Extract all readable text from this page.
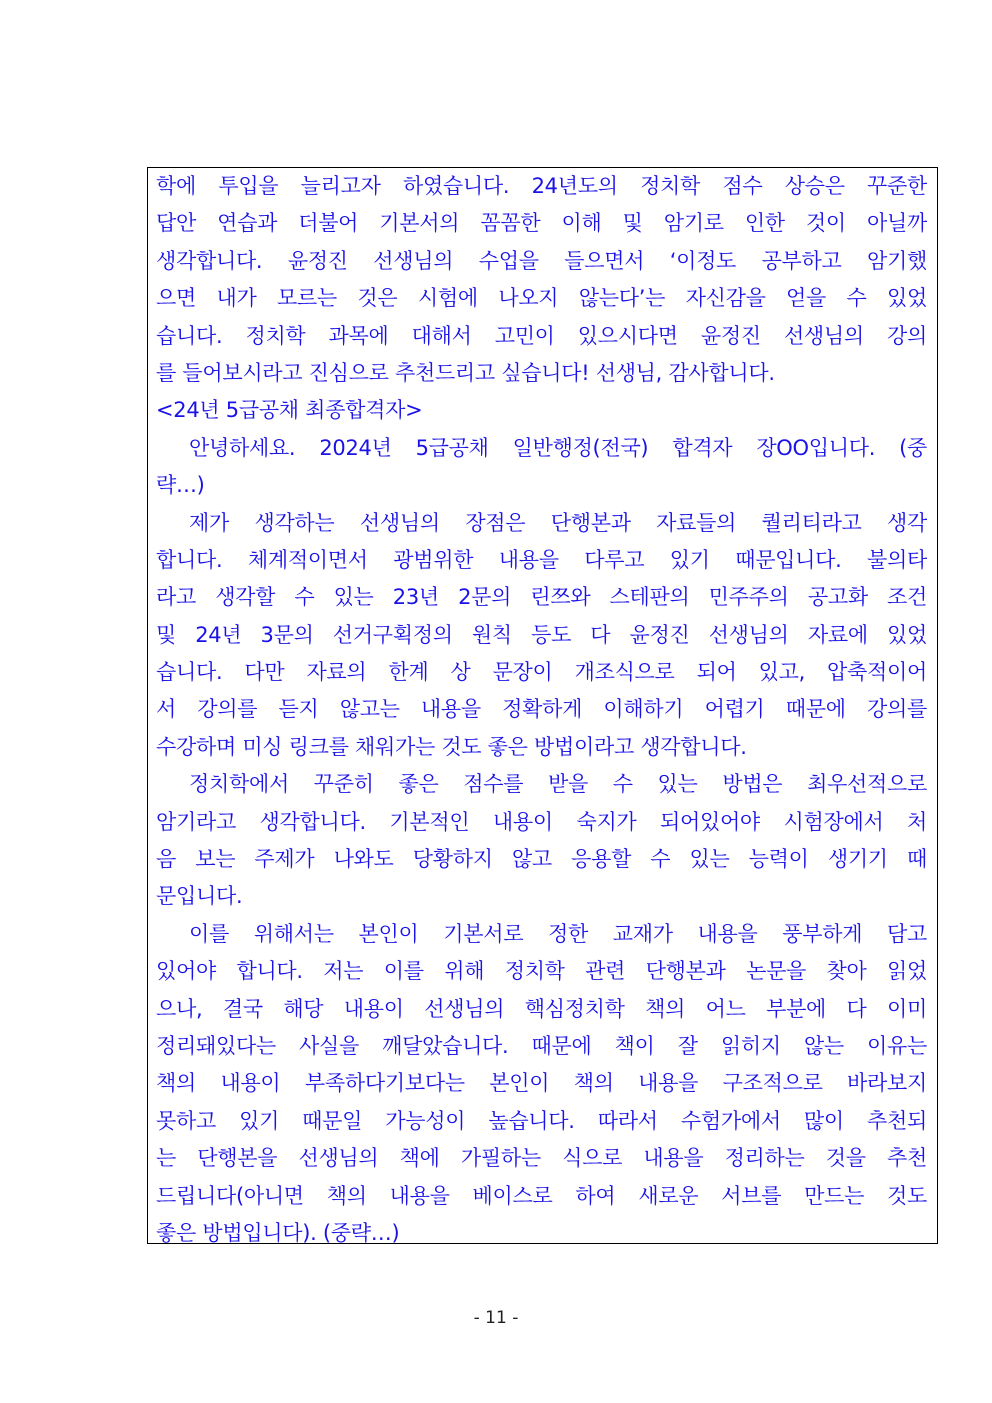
학에 투입을 늘리고자 하였습니다. 24년도의 정치학 점수 상승은 꾸준한
답안 연습과 더불어 기본서의 꼼꼼한 이해 및 암기로 인한 것이 아닐까
생각합니다. 윤정진 선생님의 수업을 들으면서 ‘이정도 공부하고 암기했
으면 내가 모르는 것은 시험에 나오지 않는다’는 자신감을 얻을 수 있었
습니다. 정치학 과목에 대해서 고민이 있으시다면 윤정진 선생님의 강의
를 들어보시라고 진심으로 추천드리고 싶습니다! 선생님, 감사합니다.
<24년 5급공채 최종합격자>
안녕하세요. 2024년 5급공채 일반행정(전국) 합격자 장OO입니다. (중
략…)
제가 생각하는 선생님의 장점은 단행본과 자료들의 퀄리티라고 생각
합니다. 체계적이면서 광범위한 내용을 다루고 있기 때문입니다. 불의타
라고 생각할 수 있는 23년 2문의 린쯔와 스테판의 민주주의 공고화 조건
및 24년 3문의 선거구획정의 원칙 등도 다 윤정진 선생님의 자료에 있었
습니다. 다만 자료의 한계 상 문장이 개조식으로 되어 있고, 압축적이어
서 강의를 듣지 않고는 내용을 정확하게 이해하기 어렵기 때문에 강의를
수강하며 미싱 링크를 채워가는 것도 좋은 방법이라고 생각합니다.
정치학에서 꾸준히 좋은 점수를 받을 수 있는 방법은 최우선적으로
암기라고 생각합니다. 기본적인 내용이 숙지가 되어있어야 시험장에서 처
음 보는 주제가 나와도 당황하지 않고 응용할 수 있는 능력이 생기기 때
문입니다.
이를 위해서는 본인이 기본서로 정한 교재가 내용을 풍부하게 담고
있어야 합니다. 저는 이를 위해 정치학 관련 단행본과 논문을 찾아 읽었
으나, 결국 해당 내용이 선생님의 핵심정치학 책의 어느 부분에 다 이미
정리돼있다는 사실을 깨달았습니다. 때문에 책이 잘 읽히지 않는 이유는
책의 내용이 부족하다기보다는 본인이 책의 내용을 구조적으로 바라보지
못하고 있기 때문일 가능성이 높습니다. 따라서 수험가에서 많이 추천되
는 단행본을 선생님의 책에 가필하는 식으로 내용을 정리하는 것을 추천
드립니다(아니면 책의 내용을 베이스로 하여 새로운 서브를 만드는 것도
좋은 방법입니다). (중략…)
- 11 -
